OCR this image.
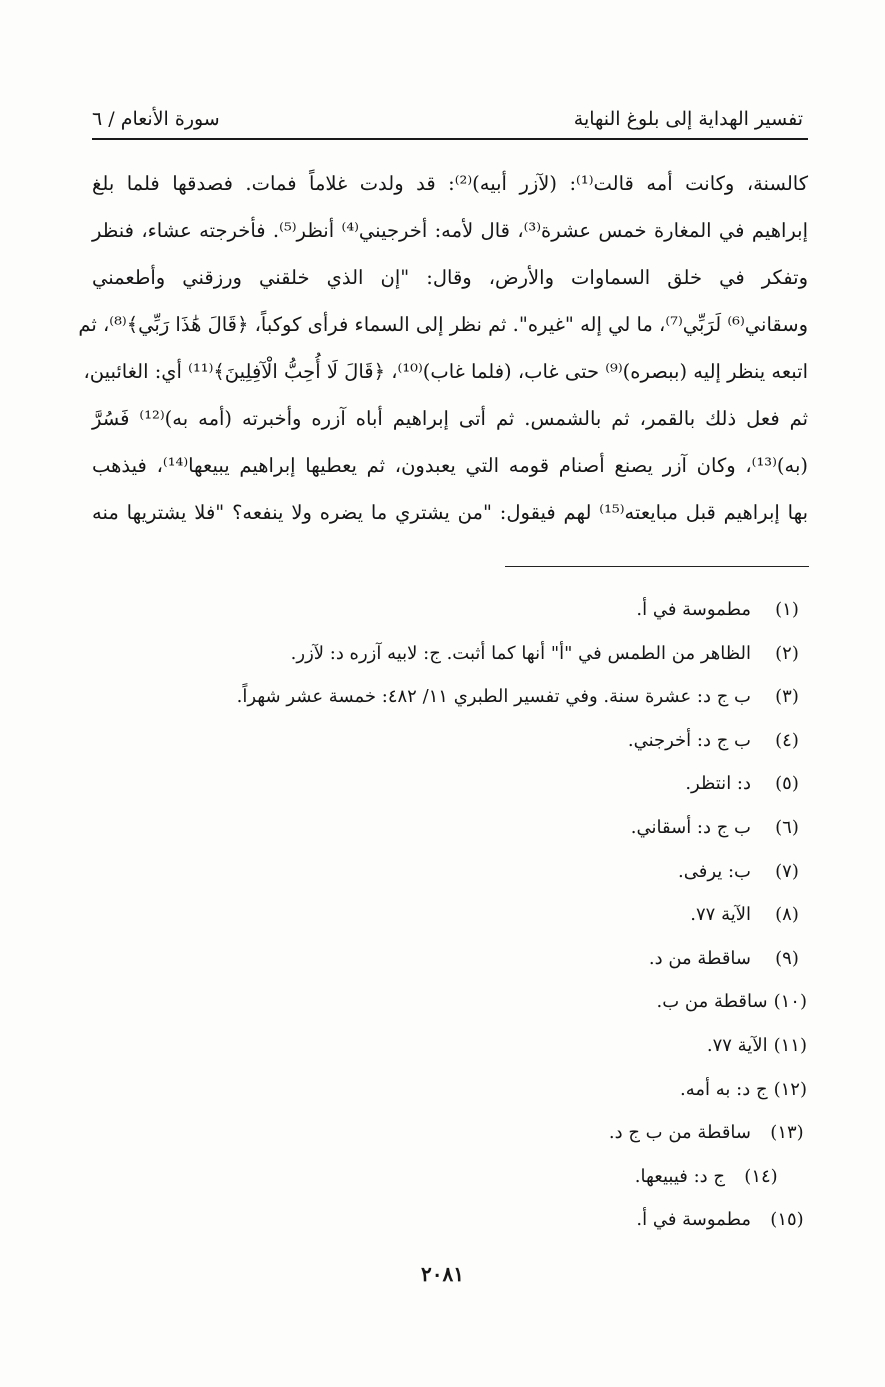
تفسير الهداية إلى بلوغ النهاية
سورة الأنعام / ٦
كالسنة، وكانت أمه قالت⁽¹⁾: (لآزر أبيه)⁽²⁾: قد ولدت غلاماً فمات. فصدقها فلما بلغ
إبراهيم في المغارة خمس عشرة⁽³⁾، قال لأمه: أخرجيني⁽⁴⁾ أنظر⁽⁵⁾. فأخرجته عشاء، فنظر
وتفكر في خلق السماوات والأرض، وقال: "إن الذي خلقني ورزقني وأطعمني
وسقاني⁽⁶⁾ لَرَبِّي⁽⁷⁾، ما لي إله "غيره". ثم نظر إلى السماء فرأى كوكباً، ﴿قَالَ هَٰذَا رَبِّي﴾⁽⁸⁾، ثم
اتبعه ينظر إليه (ببصره)⁽⁹⁾ حتى غاب، (فلما غاب)⁽¹⁰⁾، ﴿قَالَ لَا أُحِبُّ الْآفِلِينَ﴾⁽¹¹⁾ أي: الغائبين،
ثم فعل ذلك بالقمر، ثم بالشمس. ثم أتى إبراهيم أباه آزره وأخبرته (أمه به)⁽¹²⁾ فَسُرَّ
(به)⁽¹³⁾، وكان آزر يصنع أصنام قومه التي يعبدون، ثم يعطيها إبراهيم يبيعها⁽¹⁴⁾، فيذهب
بها إبراهيم قبل مبايعته⁽¹⁵⁾ لهم فيقول: "من يشتري ما يضره ولا ينفعه؟ "فلا يشتريها منه
(١)مطموسة في أ.
(٢)الظاهر من الطمس في "أ" أنها كما أثبت. ج: لابيه آزره د: لآزر.
(٣)ب ج د: عشرة سنة. وفي تفسير الطبري ١١/ ٤٨٢: خمسة عشر شهراً.
(٤)ب ج د: أخرجني.
(٥)د: انتظر.
(٦)ب ج د: أسقاني.
(٧)ب: يرفى.
(٨)الآية ٧٧.
(٩)ساقطة من د.
(١٠)ساقطة من ب.
(١١)الآية ٧٧.
(١٢)ج د: به أمه.
(١٣)ساقطة من ب ج د.
(١٤)ج د: فيبيعها.
(١٥)مطموسة في أ.
٢٠٨١
